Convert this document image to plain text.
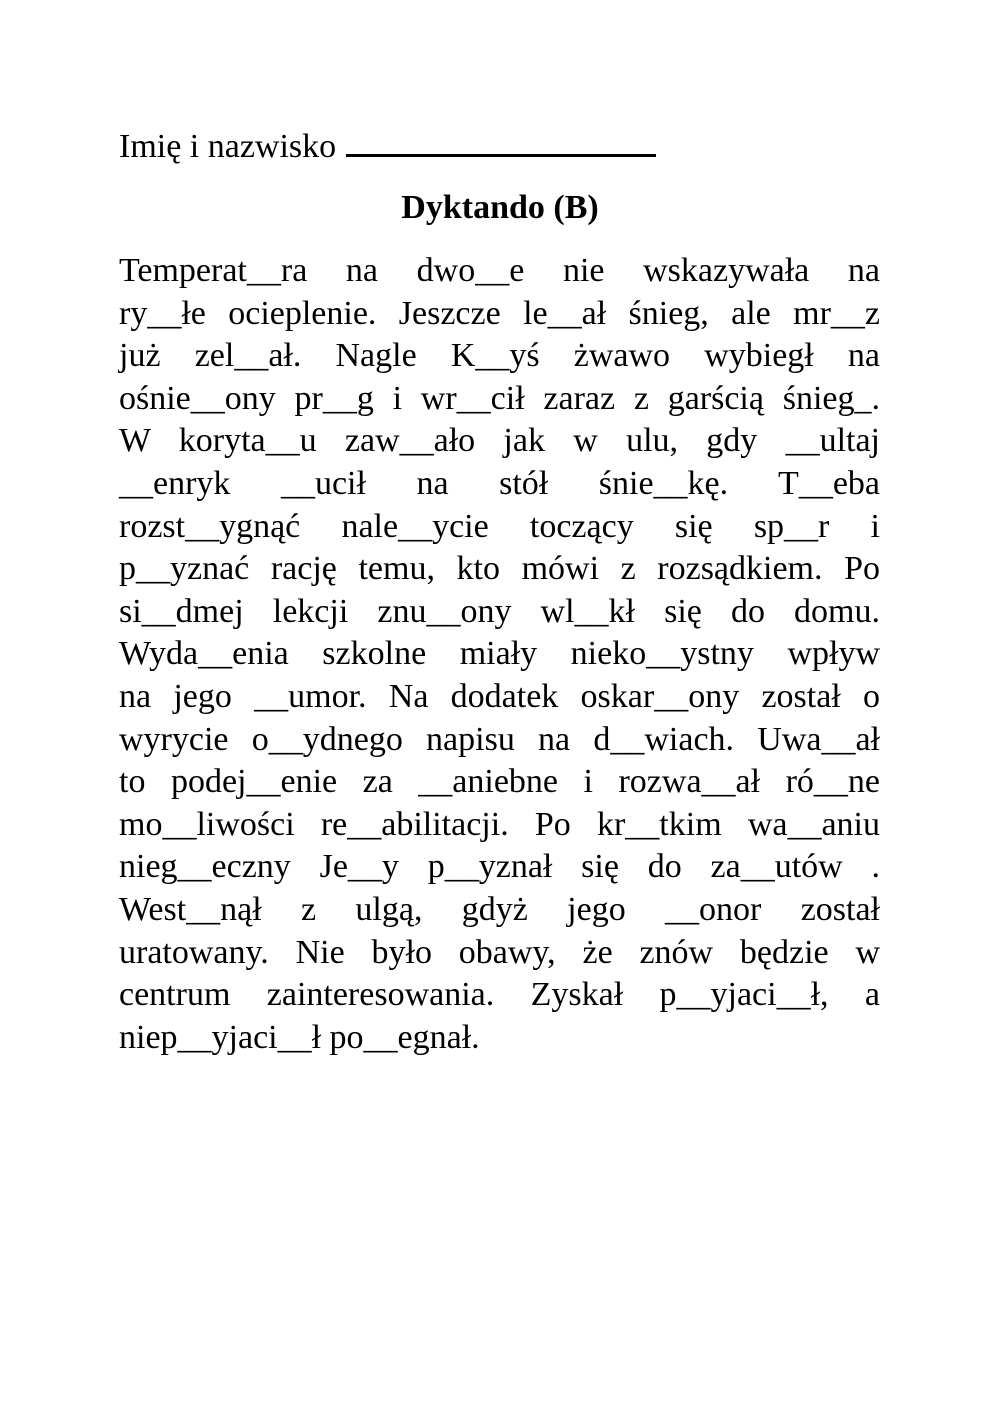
Imię i nazwisko
Dyktando (B)
Temperat__ra na dwo__e nie wskazywała na
ry__łe ocieplenie. Jeszcze le__ał śnieg, ale mr__z
już zel__ał. Nagle K__yś żwawo wybiegł na
ośnie__ony pr__g i wr__cił zaraz z garścią śnieg_.
W koryta__u zaw__ało jak w ulu, gdy __ultaj
__enryk __ucił na stół śnie__kę. T__eba
rozst__ygnąć nale__ycie toczący się sp__r i
p__yznać rację temu, kto mówi z rozsądkiem. Po
si__dmej lekcji znu__ony wl__kł się do domu.
Wyda__enia szkolne miały nieko__ystny wpływ
na jego __umor. Na dodatek oskar__ony został o
wyrycie o__ydnego napisu na d__wiach. Uwa__ał
to podej__enie za __aniebne i rozwa__ał ró__ne
mo__liwości re__abilitacji. Po kr__tkim wa__aniu
nieg__eczny Je__y p__yznał się do za__utów .
West__nął z ulgą, gdyż jego __onor został
uratowany. Nie było obawy, że znów będzie w
centrum zainteresowania. Zyskał p__yjaci__ł, a
niep__yjaci__ł po__egnał.
